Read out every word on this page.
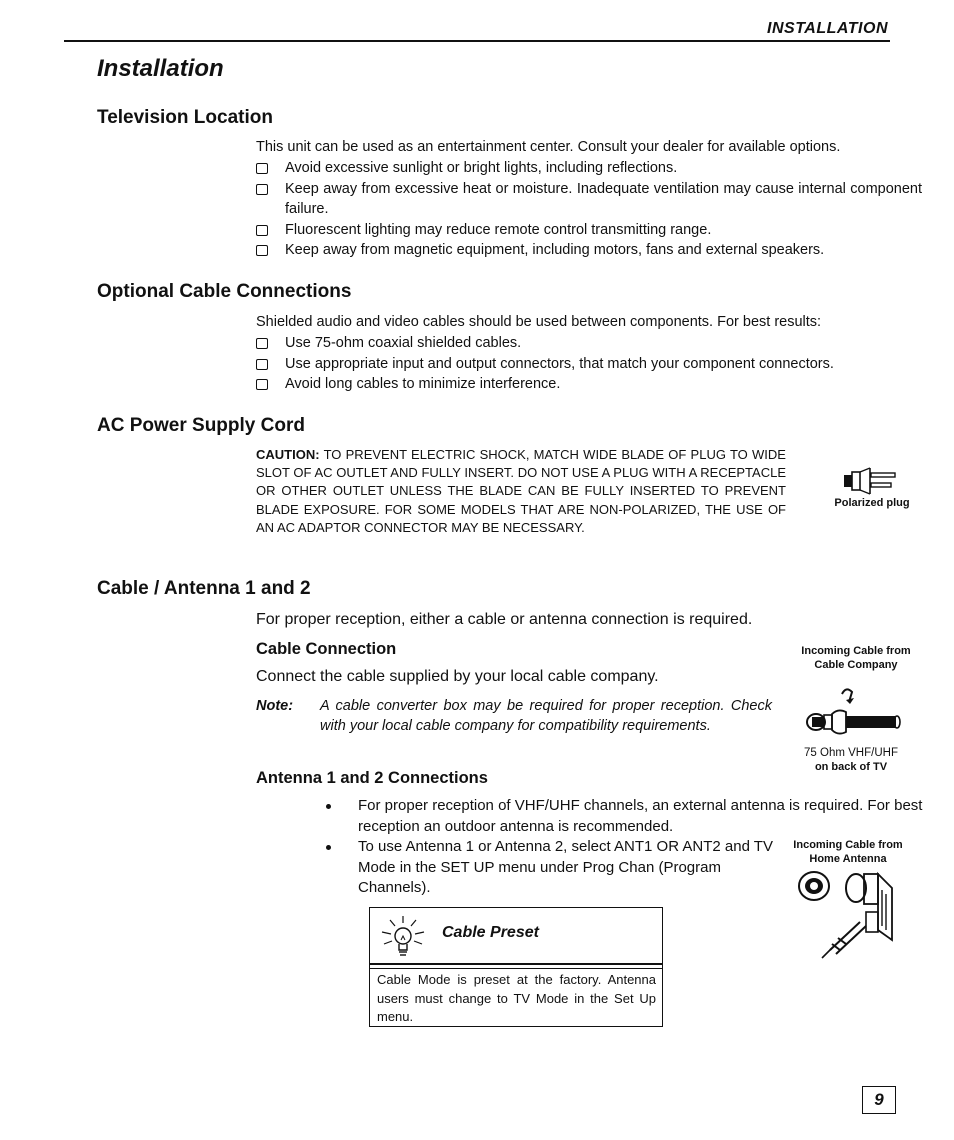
INSTALLATION
Installation
Television Location
This unit can be used as an entertainment center. Consult your dealer for available options.
Avoid excessive sunlight or bright lights, including reflections.
Keep away from excessive heat or moisture. Inadequate ventilation may cause internal component failure.
Fluorescent lighting may reduce remote control transmitting range.
Keep away from magnetic equipment, including motors, fans and external speakers.
Optional Cable Connections
Shielded audio and video cables should be used between components. For best results:
Use 75-ohm coaxial shielded cables.
Use appropriate input and output connectors, that match your component connectors.
Avoid long cables to minimize interference.
AC Power Supply Cord
CAUTION: TO PREVENT ELECTRIC SHOCK, MATCH WIDE BLADE OF PLUG TO WIDE SLOT OF AC OUTLET AND FULLY INSERT. DO NOT USE A PLUG WITH A RECEPTACLE OR OTHER OUTLET UNLESS THE BLADE CAN BE FULLY INSERTED TO PREVENT BLADE EXPOSURE. FOR SOME MODELS THAT ARE NON-POLARIZED, THE USE OF AN AC ADAPTOR CONNECTOR MAY BE NECESSARY.
Polarized plug
Cable / Antenna 1 and 2
For proper reception, either a cable or antenna connection is required.
Cable Connection
Connect the cable supplied by your local cable company.
Note: A cable converter box may be required for proper reception. Check with your local cable company for compatibility requirements.
Incoming Cable from
Cable Company
75 Ohm VHF/UHF
on back of TV
Antenna 1 and 2 Connections
For proper reception of VHF/UHF channels, an external antenna is required. For best reception an outdoor antenna is recommended.
To use Antenna 1 or Antenna 2, select ANT1 OR ANT2 and TV Mode in the SET UP menu under Prog Chan (Program Channels).
Incoming Cable from
Home Antenna
Cable Preset
Cable Mode is preset at the factory. Antenna users must change to TV Mode in the Set Up menu.
9
